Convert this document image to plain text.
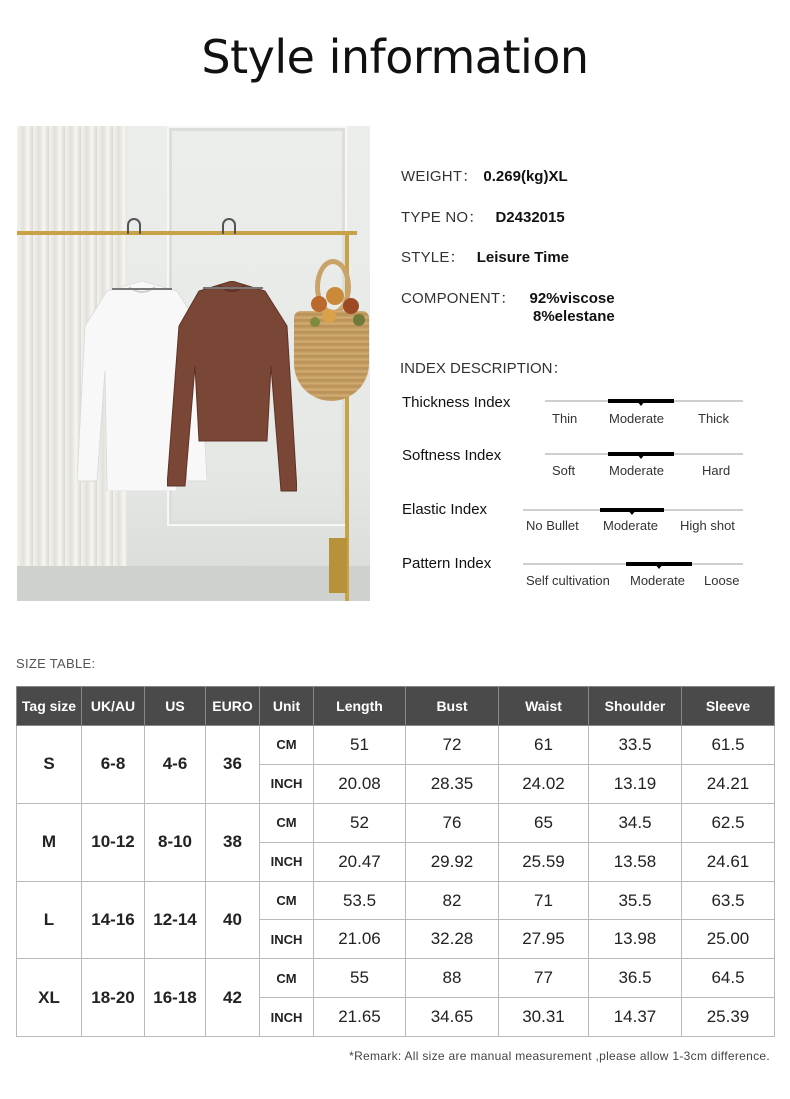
Style information
WEIGHT： 0.269(kg)XL
TYPE NO： D2432015
STYLE： Leisure Time
COMPONENT： 92%viscose
8%elestane
INDEX DESCRIPTION：
Thickness Index
Thin Moderate	Thick
Softness Index
Soft	Moderate	Hard
Elastic Index
No Bullet Moderate High shot
Pattern Index
Self cultivation Moderate Loose
SIZE TABLE:
Tag size	UK/AU	US	EURO	Unit	Length	Bust	Waist	Shoulder	Sleeve
S	6-8	4-6	36	CM	51	72	61	33.5	61.5
				INCH	20.08	28.35	24.02	13.19	24.21
M	10-12	8-10	38	CM	52	76	65	34.5	62.5
				INCH	20.47	29.92	25.59	13.58	24.61
L	14-16	12-14	40	CM	53.5	82	71	35.5	63.5
				INCH	21.06	32.28	27.95	13.98	25.00
XL	18-20	16-18	42	CM	55	88	77	36.5	64.5
				INCH	21.65	34.65	30.31	14.37	25.39
*Remark: All size are manual measurement ,please allow 1-3cm difference.
